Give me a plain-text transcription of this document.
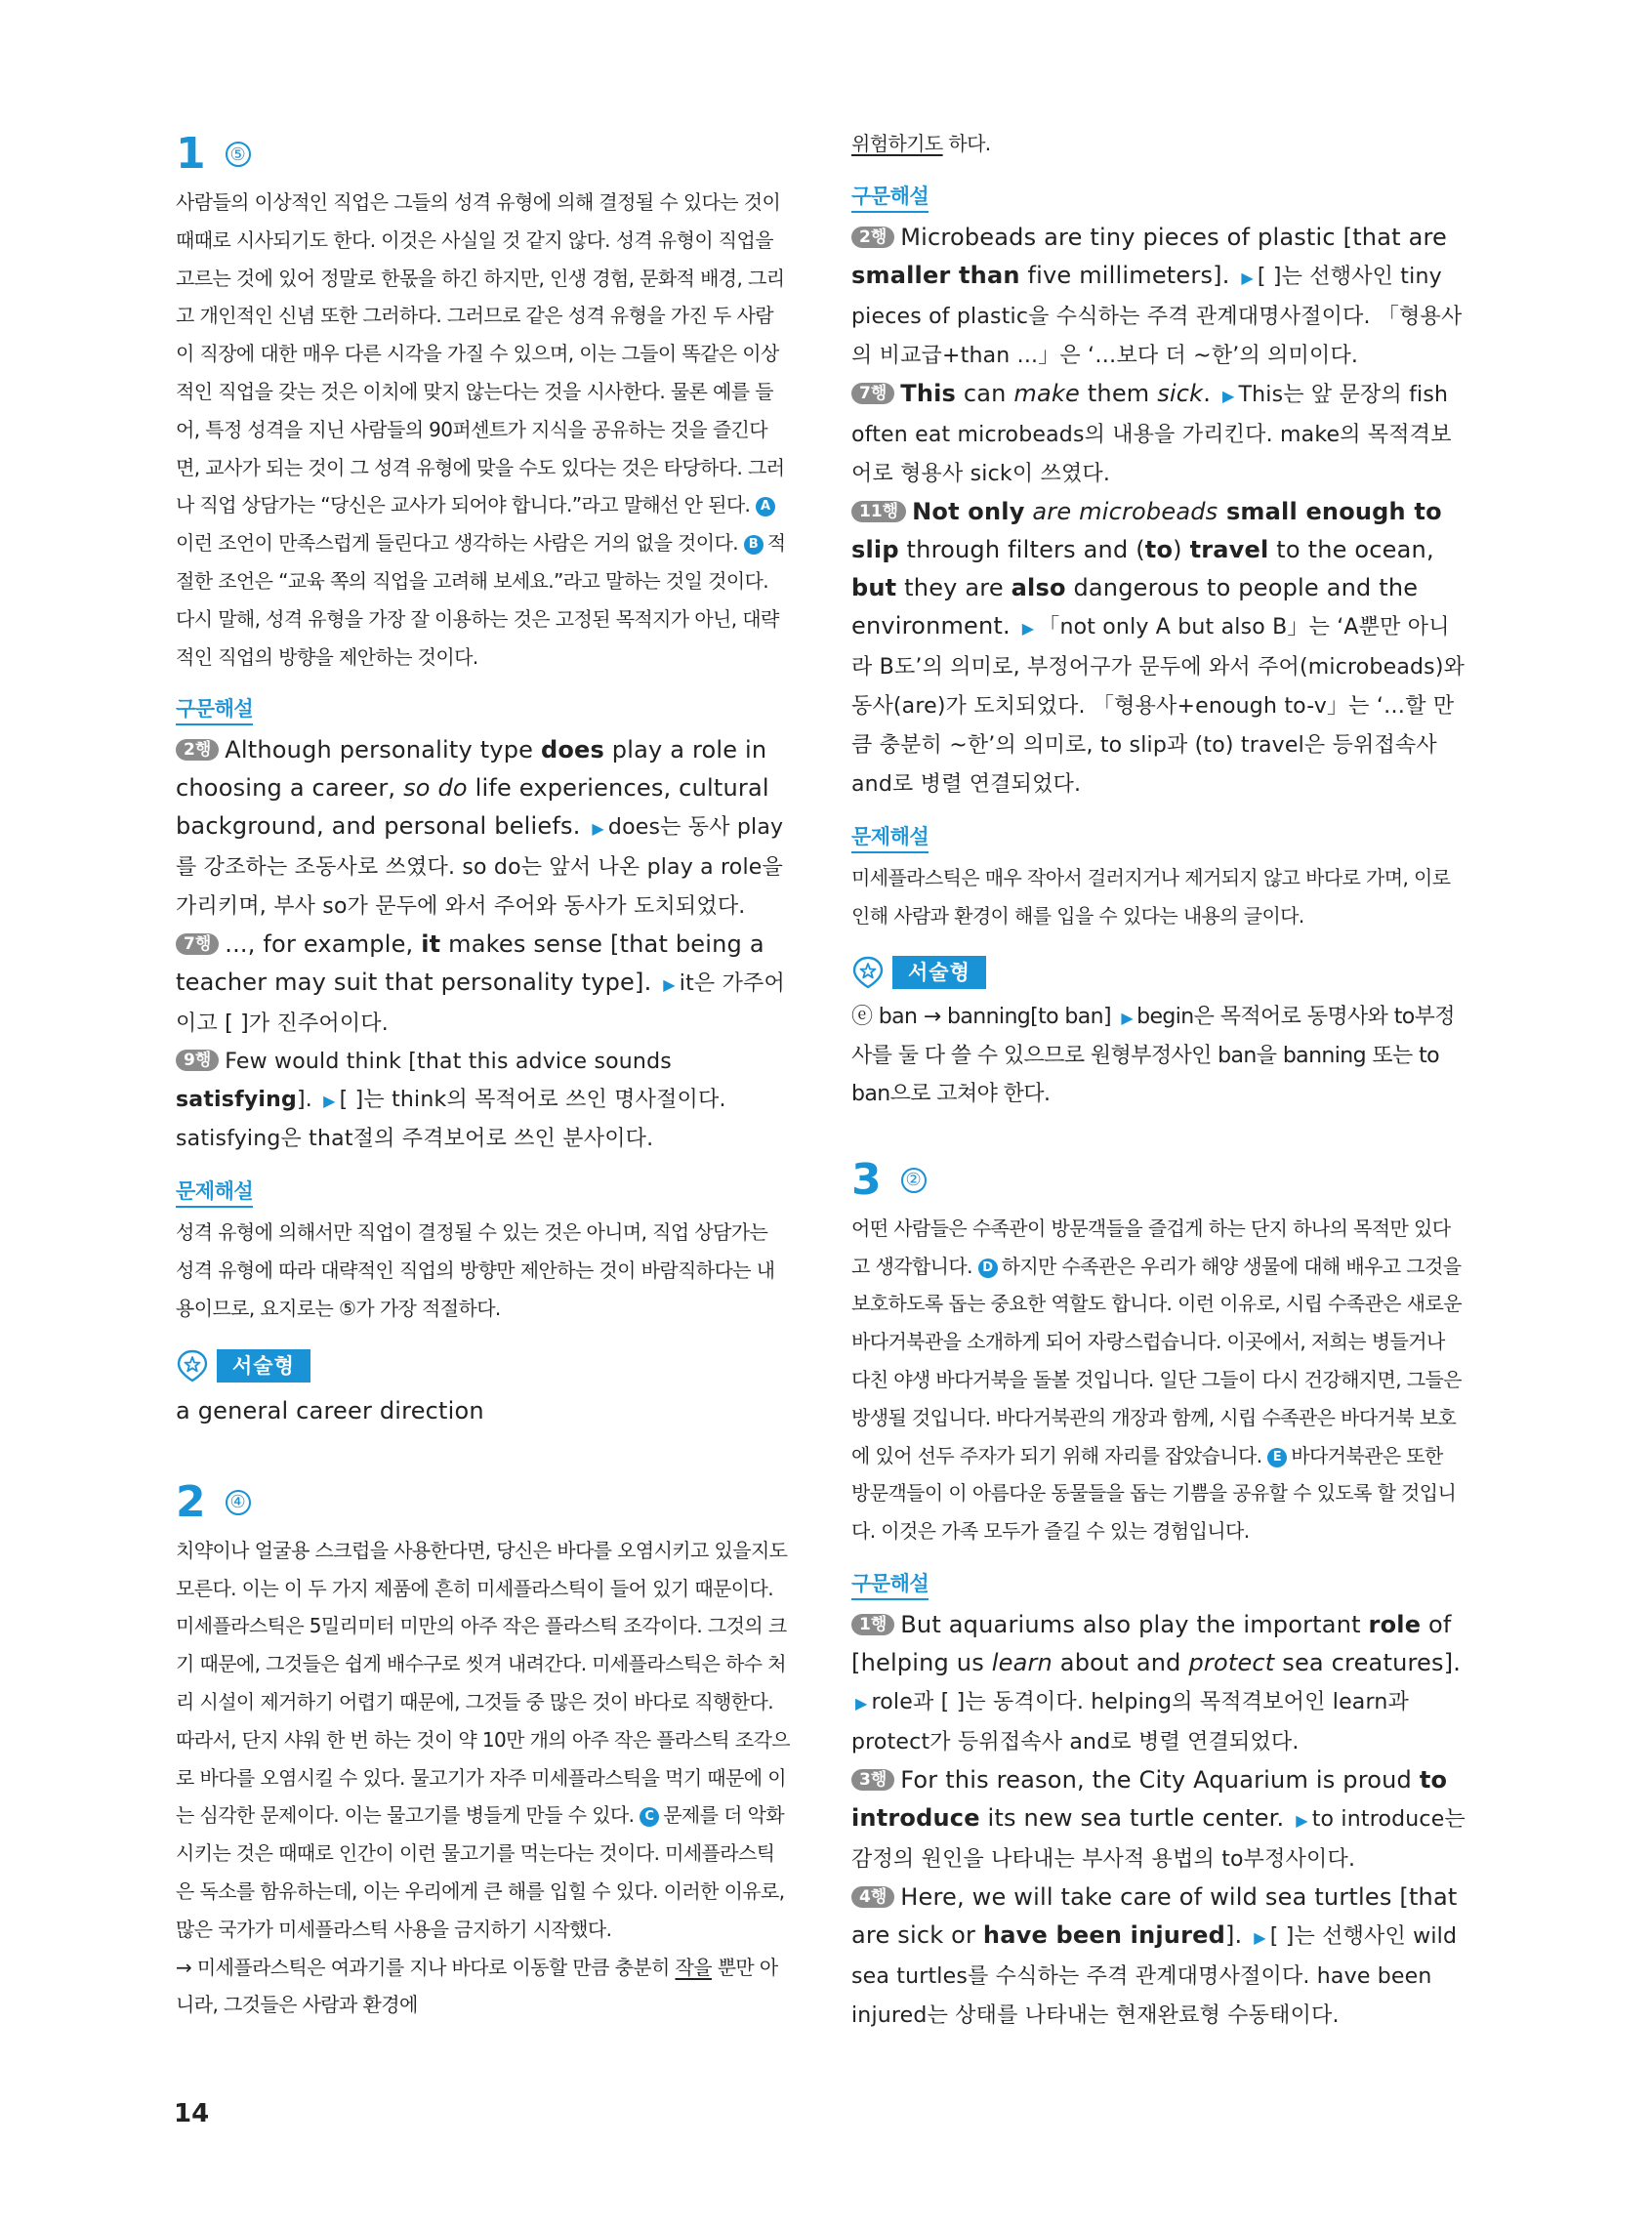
1 ⑤

사람들의 이상적인 직업은 그들의 성격 유형에 의해 결정될 수 있다는 것이 때때로 시사되기도 한다. 이것은 사실일 것 같지 않다. 성격 유형이 직업을 고르는 것에 있어 정말로 한몫을 하긴 하지만, 인생 경험, 문화적 배경, 그리고 개인적인 신념 또한 그러하다. 그러므로 같은 성격 유형을 가진 두 사람이 직장에 대한 매우 다른 시각을 가질 수 있으며, 이는 그들이 똑같은 이상적인 직업을 갖는 것은 이치에 맞지 않는다는 것을 시사한다. 물론 예를 들어, 특정 성격을 지닌 사람들의 90퍼센트가 지식을 공유하는 것을 즐긴다면, 교사가 되는 것이 그 성격 유형에 맞을 수도 있다는 것은 타당하다. 그러나 직업 상담가는 “당신은 교사가 되어야 합니다.”라고 말해선 안 된다. A이런 조언이 만족스럽게 들린다고 생각하는 사람은 거의 없을 것이다. B 적절한 조언은 “교육 쪽의 직업을 고려해 보세요.”라고 말하는 것일 것이다. 다시 말해, 성격 유형을 가장 잘 이용하는 것은 고정된 목적지가 아닌, 대략적인 직업의 방향을 제안하는 것이다.

구문해설

2행 Although personality type does play a role in choosing a career, so do life experiences, cultural background, and personal beliefs. ▶ does는 동사 play를 강조하는 조동사로 쓰였다. so do는 앞서 나온 play a role을 가리키며, 부사 so가 문두에 와서 주어와 동사가 도치되었다.

7행 ..., for example, it makes sense [that being a teacher may suit that personality type]. ▶ it은 가주어이고 [ ]가 진주어이다.

9행 Few would think [that this advice sounds satisfying]. ▶ [ ]는 think의 목적어로 쓰인 명사절이다. satisfying은 that절의 주격보어로 쓰인 분사이다.

문제해설

성격 유형에 의해서만 직업이 결정될 수 있는 것은 아니며, 직업 상담가는 성격 유형에 따라 대략적인 직업의 방향만 제안하는 것이 바람직하다는 내용이므로, 요지로는 ⑤가 가장 적절하다.

서술형

a general career direction

2 ④

치약이나 얼굴용 스크럽을 사용한다면, 당신은 바다를 오염시키고 있을지도 모른다. 이는 이 두 가지 제품에 흔히 미세플라스틱이 들어 있기 때문이다. 미세플라스틱은 5밀리미터 미만의 아주 작은 플라스틱 조각이다. 그것의 크기 때문에, 그것들은 쉽게 배수구로 씻겨 내려간다. 미세플라스틱은 하수 처리 시설이 제거하기 어렵기 때문에, 그것들 중 많은 것이 바다로 직행한다. 따라서, 단지 샤워 한 번 하는 것이 약 10만 개의 아주 작은 플라스틱 조각으로 바다를 오염시킬 수 있다. 물고기가 자주 미세플라스틱을 먹기 때문에 이는 심각한 문제이다. 이는 물고기를 병들게 만들 수 있다. C 문제를 더 악화시키는 것은 때때로 인간이 이런 물고기를 먹는다는 것이다. 미세플라스틱은 독소를 함유하는데, 이는 우리에게 큰 해를 입힐 수 있다. 이러한 이유로, 많은 국가가 미세플라스틱 사용을 금지하기 시작했다.

→ 미세플라스틱은 여과기를 지나 바다로 이동할 만큼 충분히 작을 뿐만 아니라, 그것들은 사람과 환경에

위험하기도 하다.

구문해설

2행 Microbeads are tiny pieces of plastic [that are smaller than five millimeters]. ▶ [ ]는 선행사인 tiny pieces of plastic을 수식하는 주격 관계대명사절이다. 「형용사의 비교급+than ...」은 ‘…보다 더 ~한’의 의미이다.

7행 This can make them sick. ▶ This는 앞 문장의 fish often eat microbeads의 내용을 가리킨다. make의 목적격보어로 형용사 sick이 쓰였다.

11행 Not only are microbeads small enough to slip through filters and (to) travel to the ocean, but they are also dangerous to people and the environment. ▶ 「not only A but also B」는 ‘A뿐만 아니라 B도’의 의미로, 부정어구가 문두에 와서 주어(microbeads)와 동사(are)가 도치되었다. 「형용사+enough to-v」는 ‘…할 만큼 충분히 ~한’의 의미로, to slip과 (to) travel은 등위접속사 and로 병렬 연결되었다.

문제해설

미세플라스틱은 매우 작아서 걸러지거나 제거되지 않고 바다로 가며, 이로 인해 사람과 환경이 해를 입을 수 있다는 내용의 글이다.

서술형

ⓔ ban → banning[to ban] ▶ begin은 목적어로 동명사와 to부정사를 둘 다 쓸 수 있으므로 원형부정사인 ban을 banning 또는 to ban으로 고쳐야 한다.

3 ②

어떤 사람들은 수족관이 방문객들을 즐겁게 하는 단지 하나의 목적만 있다고 생각합니다. D 하지만 수족관은 우리가 해양 생물에 대해 배우고 그것을 보호하도록 돕는 중요한 역할도 합니다. 이런 이유로, 시립 수족관은 새로운 바다거북관을 소개하게 되어 자랑스럽습니다. 이곳에서, 저희는 병들거나 다친 야생 바다거북을 돌볼 것입니다. 일단 그들이 다시 건강해지면, 그들은 방생될 것입니다. 바다거북관의 개장과 함께, 시립 수족관은 바다거북 보호에 있어 선두 주자가 되기 위해 자리를 잡았습니다. E 바다거북관은 또한 방문객들이 이 아름다운 동물들을 돕는 기쁨을 공유할 수 있도록 할 것입니다. 이것은 가족 모두가 즐길 수 있는 경험입니다.

구문해설

1행 But aquariums also play the important role of [helping us learn about and protect sea creatures]. ▶ role과 [ ]는 동격이다. helping의 목적격보어인 learn과 protect가 등위접속사 and로 병렬 연결되었다.

3행 For this reason, the City Aquarium is proud to introduce its new sea turtle center. ▶ to introduce는 감정의 원인을 나타내는 부사적 용법의 to부정사이다.

4행 Here, we will take care of wild sea turtles [that are sick or have been injured]. ▶ [ ]는 선행사인 wild sea turtles를 수식하는 주격 관계대명사절이다. have been injured는 상태를 나타내는 현재완료형 수동태이다.

14
